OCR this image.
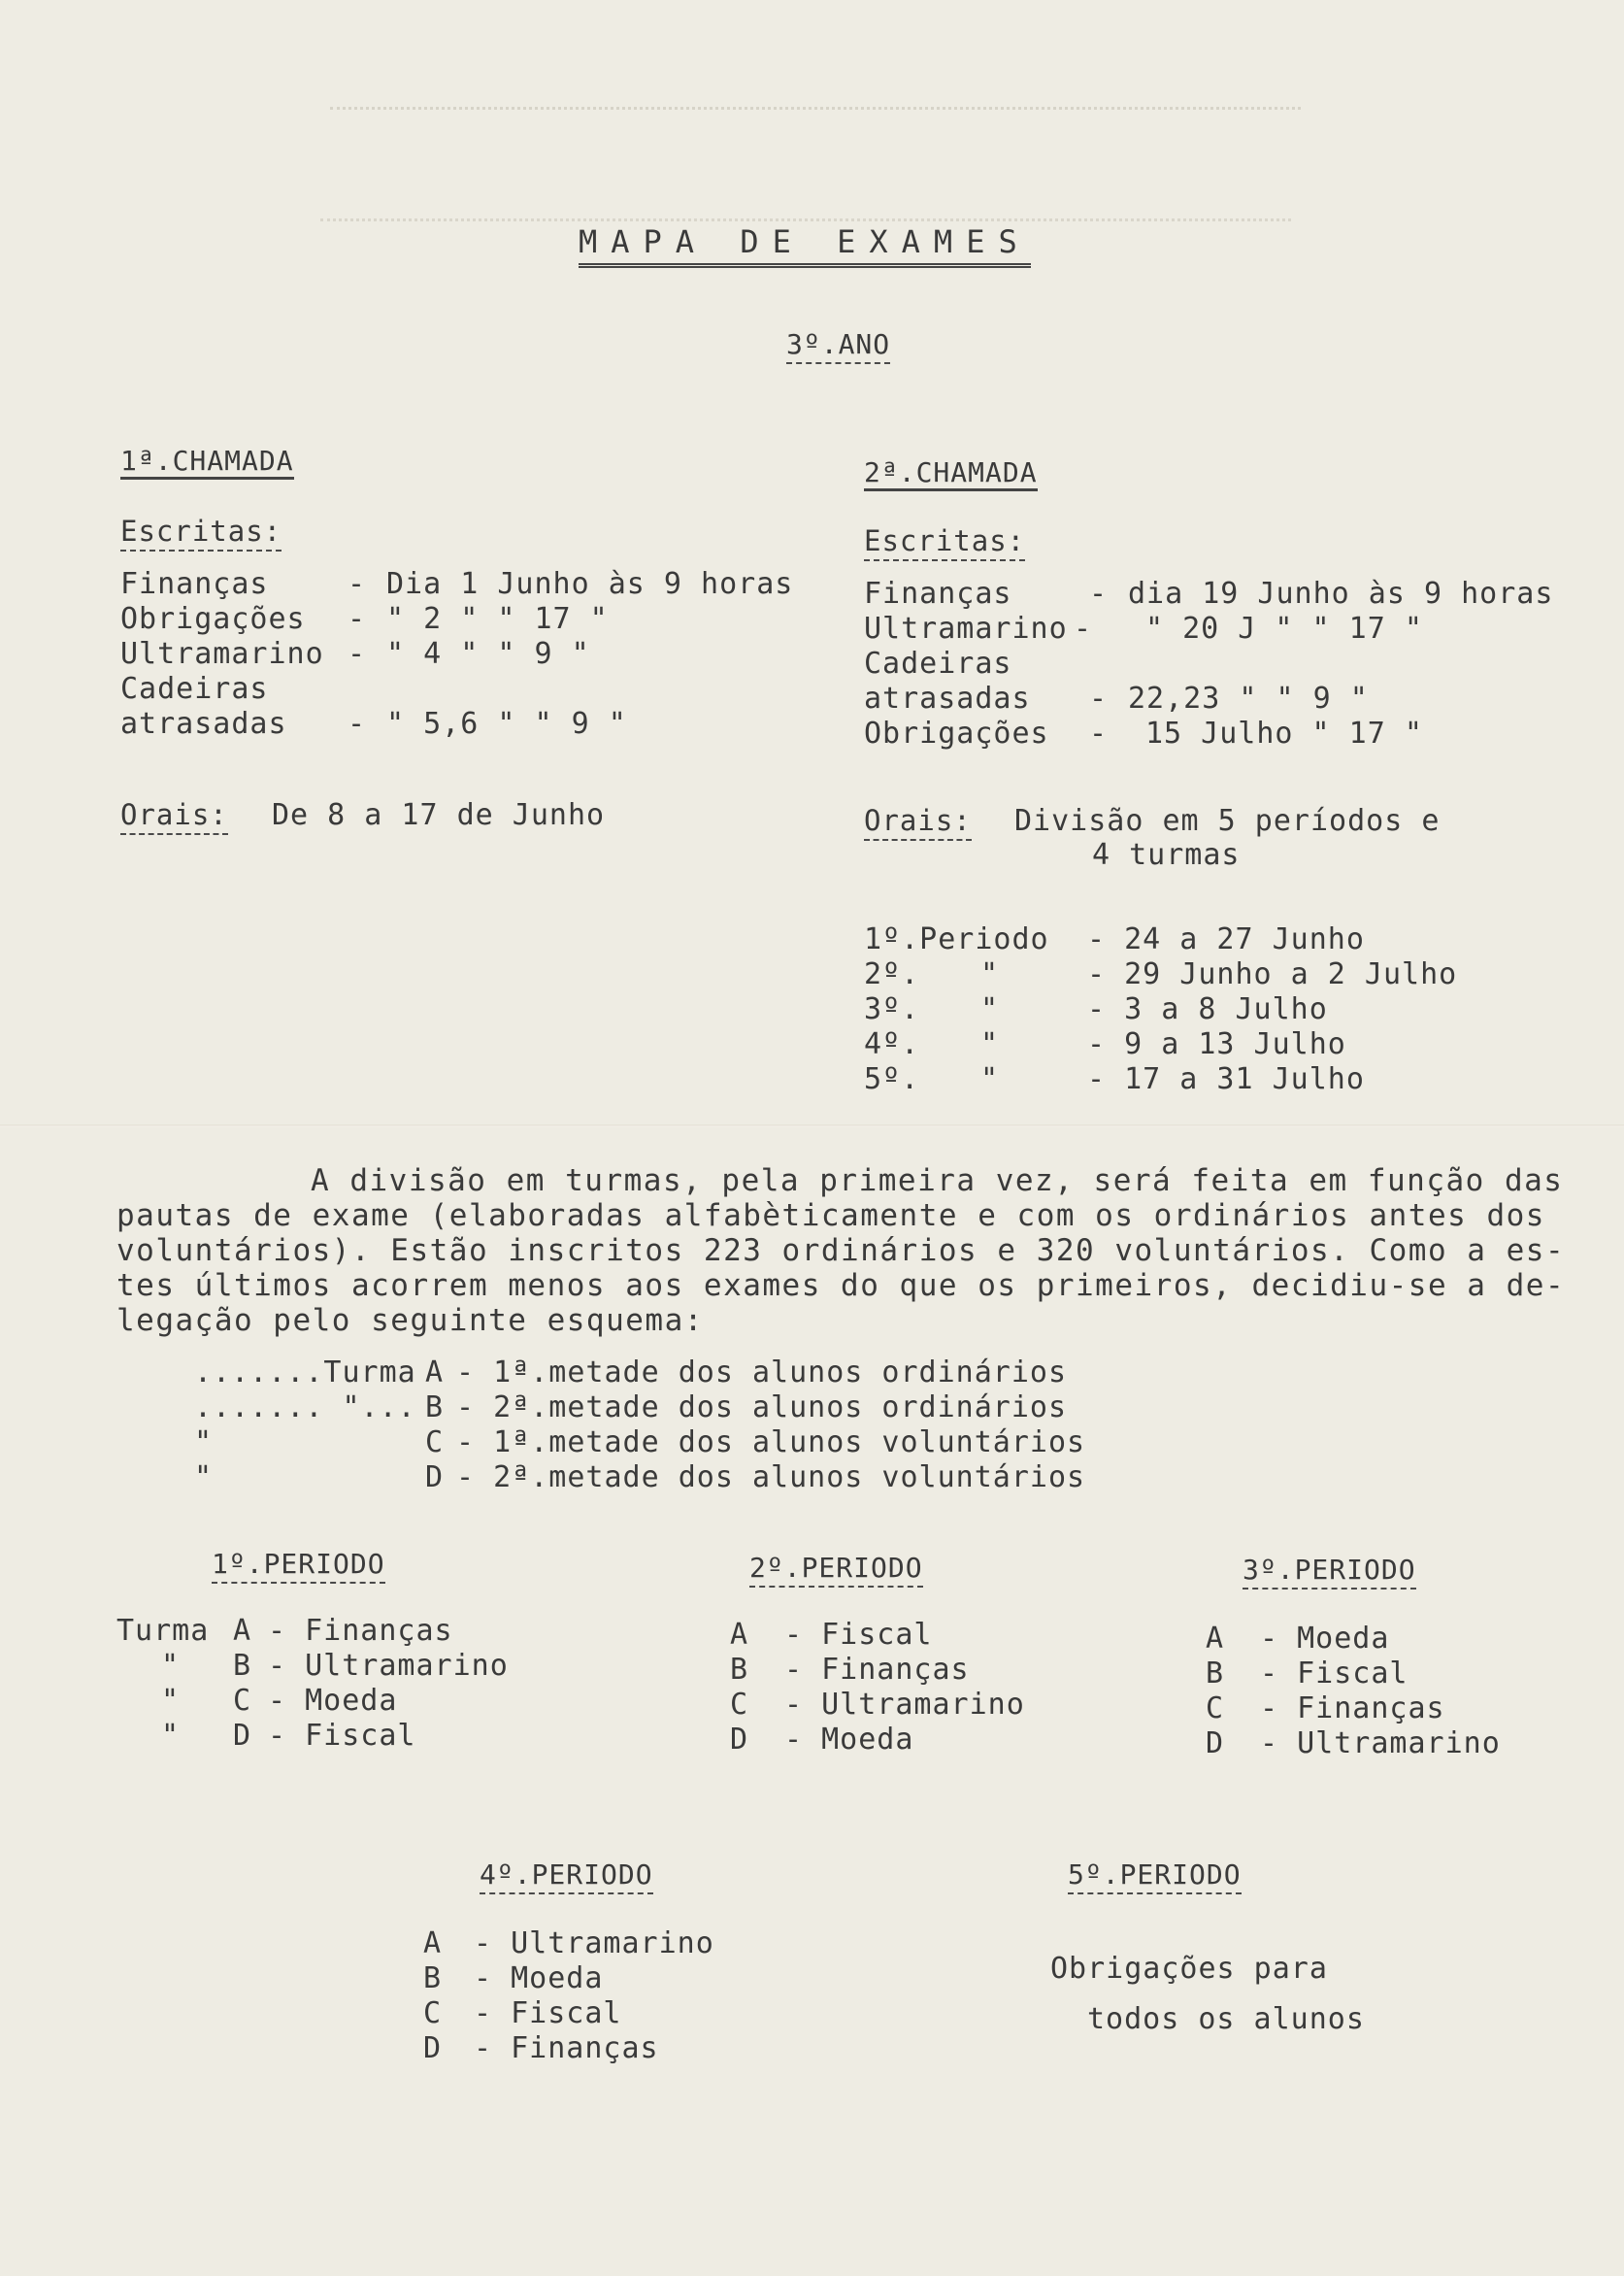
MAPA DE EXAMES
3º.ANO
1ª.CHAMADA
Escritas:
Finanças	- Dia 1 Junho às 9 horas
Obrigações - " 2 " " 17 "
Ultramarino - " 4 " " 9 "
Cadeiras
atrasadas - " 5,6 " " 9 "
Orais: De 8 a 17 de Junho
2ª.CHAMADA
Escritas:
Finanças	- dia 19 Junho às 9 horas
Ultramarino - " 20 J " " 17 "
Cadeiras
atrasadas - 22,23 " " 9 "
Obrigações - 15 Julho " 17 "
Orais: Divisão em 5 períodos e
4 turmas
1º.Periodo - 24 a 27 Junho
2º. "	- 29 Junho a 2 Julho
3º. "	- 3 a 8 Julho
4º. "	- 9 a 13 Julho
5º. "	- 17 a 31 Julho
A divisão em turmas, pela primeira vez, será feita em função das
pautas de exame (elaboradas alfabèticamente e com os ordinários antes dos
voluntários). Estão inscritos 223 ordinários e 320 voluntários. Como a es-
tes últimos acorrem menos aos exames do que os primeiros, decidiu-se a de-
legação pelo seguinte esquema:
.......Turma A - 1ª.metade dos alunos ordinários
....... "... B - 2ª.metade dos alunos ordinários
"	C - 1ª.metade dos alunos voluntários
"	D - 2ª.metade dos alunos voluntários
1º.PERIODO
Turma A - Finanças
" B - Ultramarino
" C - Moeda
" D - Fiscal
2º.PERIODO
A - Fiscal
B - Finanças
C - Ultramarino
D - Moeda
3º.PERIODO
A - Moeda
B - Fiscal
C - Finanças
D - Ultramarino
4º.PERIODO
A - Ultramarino
B - Moeda
C - Fiscal
D - Finanças
5º.PERIODO
Obrigações para
todos os alunos
